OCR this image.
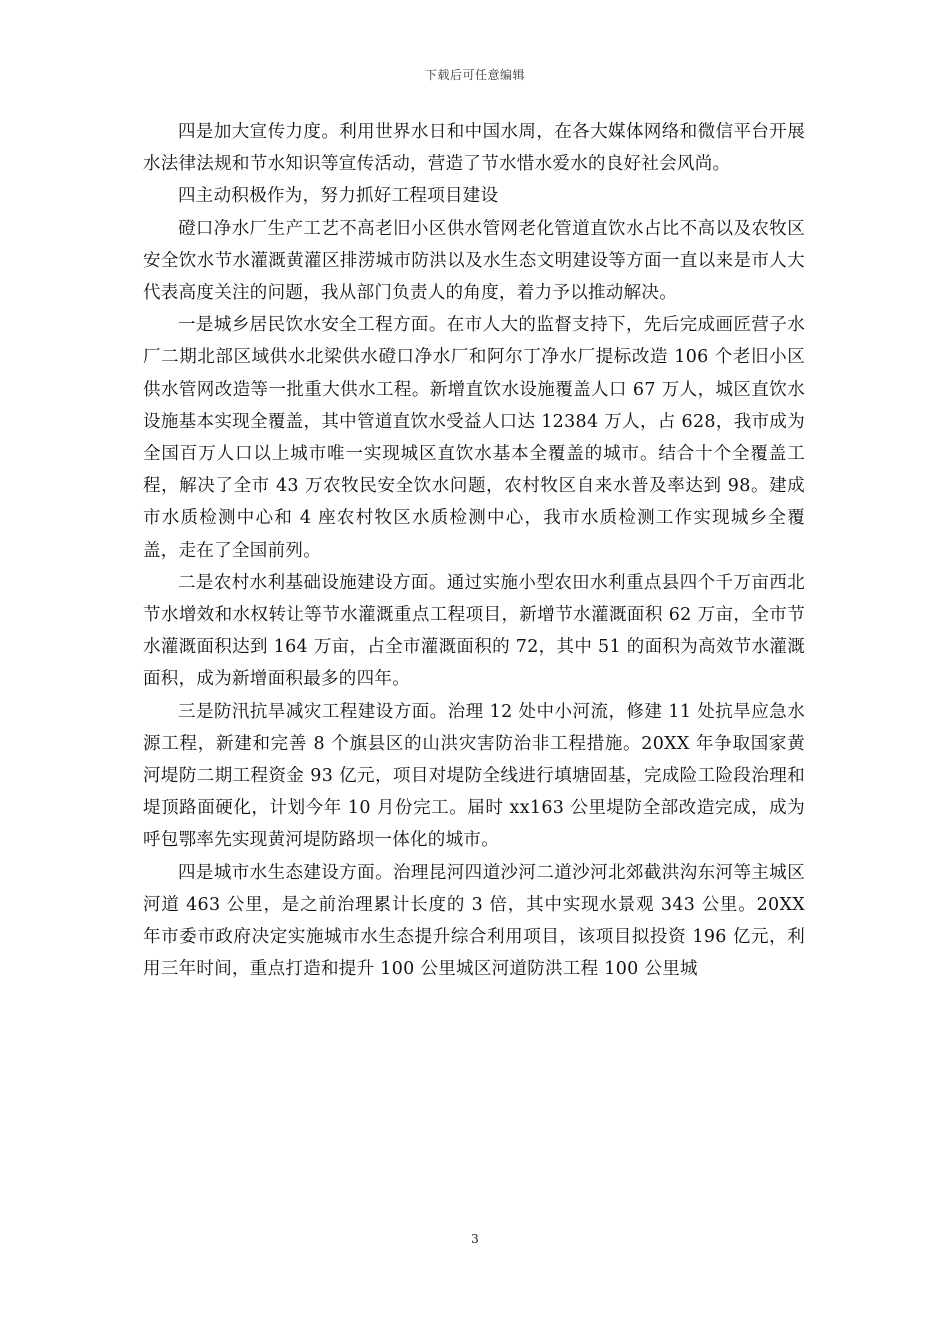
下载后可任意编辑

四是加大宣传力度。利用世界水日和中国水周，在各大媒体网络和微信平台开展水法律法规和节水知识等宣传活动，营造了节水惜水爱水的良好社会风尚。

四主动积极作为，努力抓好工程项目建设

磴口净水厂生产工艺不高老旧小区供水管网老化管道直饮水占比不高以及农牧区安全饮水节水灌溉黄灌区排涝城市防洪以及水生态文明建设等方面一直以来是市人大代表高度关注的问题，我从部门负责人的角度，着力予以推动解决。

一是城乡居民饮水安全工程方面。在市人大的监督支持下，先后完成画匠营子水厂二期北部区域供水北梁供水磴口净水厂和阿尔丁净水厂提标改造 106 个老旧小区供水管网改造等一批重大供水工程。新增直饮水设施覆盖人口 67 万人，城区直饮水设施基本实现全覆盖，其中管道直饮水受益人口达 12384 万人，占 628，我市成为全国百万人口以上城市唯一实现城区直饮水基本全覆盖的城市。结合十个全覆盖工程，解决了全市 43 万农牧民安全饮水问题，农村牧区自来水普及率达到 98。建成市水质检测中心和 4 座农村牧区水质检测中心，我市水质检测工作实现城乡全覆盖，走在了全国前列。

二是农村水利基础设施建设方面。通过实施小型农田水利重点县四个千万亩西北节水增效和水权转让等节水灌溉重点工程项目，新增节水灌溉面积 62 万亩，全市节水灌溉面积达到 164 万亩，占全市灌溉面积的 72，其中 51 的面积为高效节水灌溉面积，成为新增面积最多的四年。

三是防汛抗旱减灾工程建设方面。治理 12 处中小河流，修建 11 处抗旱应急水源工程，新建和完善 8 个旗县区的山洪灾害防治非工程措施。20XX 年争取国家黄河堤防二期工程资金 93 亿元，项目对堤防全线进行填塘固基，完成险工险段治理和堤顶路面硬化，计划今年 10 月份完工。届时 xx163 公里堤防全部改造完成，成为呼包鄂率先实现黄河堤防路坝一体化的城市。

四是城市水生态建设方面。治理昆河四道沙河二道沙河北郊截洪沟东河等主城区河道 463 公里，是之前治理累计长度的 3 倍，其中实现水景观 343 公里。20XX 年市委市政府决定实施城市水生态提升综合利用项目，该项目拟投资 196 亿元，利用三年时间，重点打造和提升 100 公里城区河道防洪工程 100 公里城

3
